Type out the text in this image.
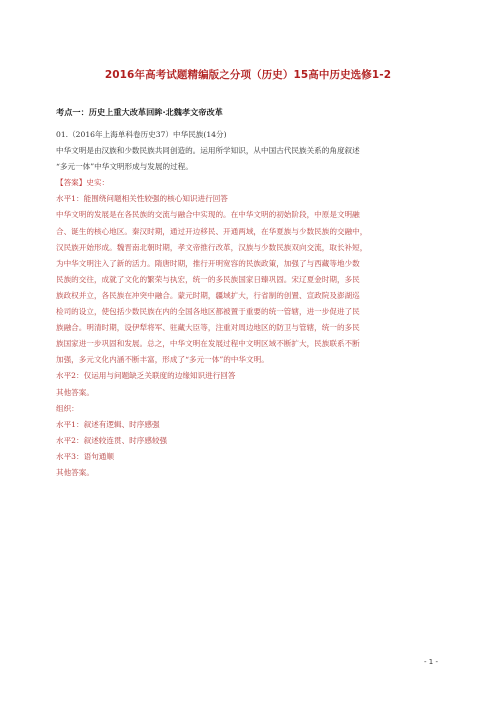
2016年高考试题精编版之分项（历史）15高中历史选修1-2
考点一：历史上重大改革回眸·北魏孝文帝改革
01.（2016年上海单科卷历史37）中华民族(14分)
中华文明是由汉族和少数民族共同创造的。运用所学知识，从中国古代民族关系的角度叙述
“多元一体”中华文明形成与发展的过程。
【答案】史实：
水平1：能围绕问题相关性较强的核心知识进行回答
中华文明的发展是在各民族的交流与融合中实现的。在中华文明的初始阶段，中原是文明融
合、诞生的核心地区。秦汉时期，通过开边移民、开通两域，在华夏族与少数民族的交融中，
汉民族开始形成。魏晋南北朝时期，孝文帝推行改革，汉族与少数民族双向交流，取长补短，
为中华文明注入了新的活力。隋唐时期，推行开明宽容的民族政策，加强了与西藏等地少数
民族的交往，成就了文化的繁荣与执宏，统一的多民族国家日臻巩固。宋辽夏金时期，多民
族政权并立，各民族在冲突中融合。蒙元时期，疆域扩大，行省制的创置、宣政院及澎湖巡
检司的设立，使包括少数民族在内的全国各地区都被置于重要的统一管辖，进一步促进了民
族融合。明清时期，设伊犁将军、驻藏大臣等，注重对周边地区的防卫与管辖，统一的多民
族国家进一步巩固和发展。总之，中华文明在发展过程中文明区域不断扩大，民族联系不断
加强，多元文化内涵不断丰富，形成了“多元一体”的中华文明。
水平2：仅运用与问题缺乏关联度的边缘知识进行回答
其他答案。
组织：
水平1：叙述有逻辑、时序感强
水平2：叙述较连贯、时序感较强
水平3：语句通顺
其他答案。
- 1 -
